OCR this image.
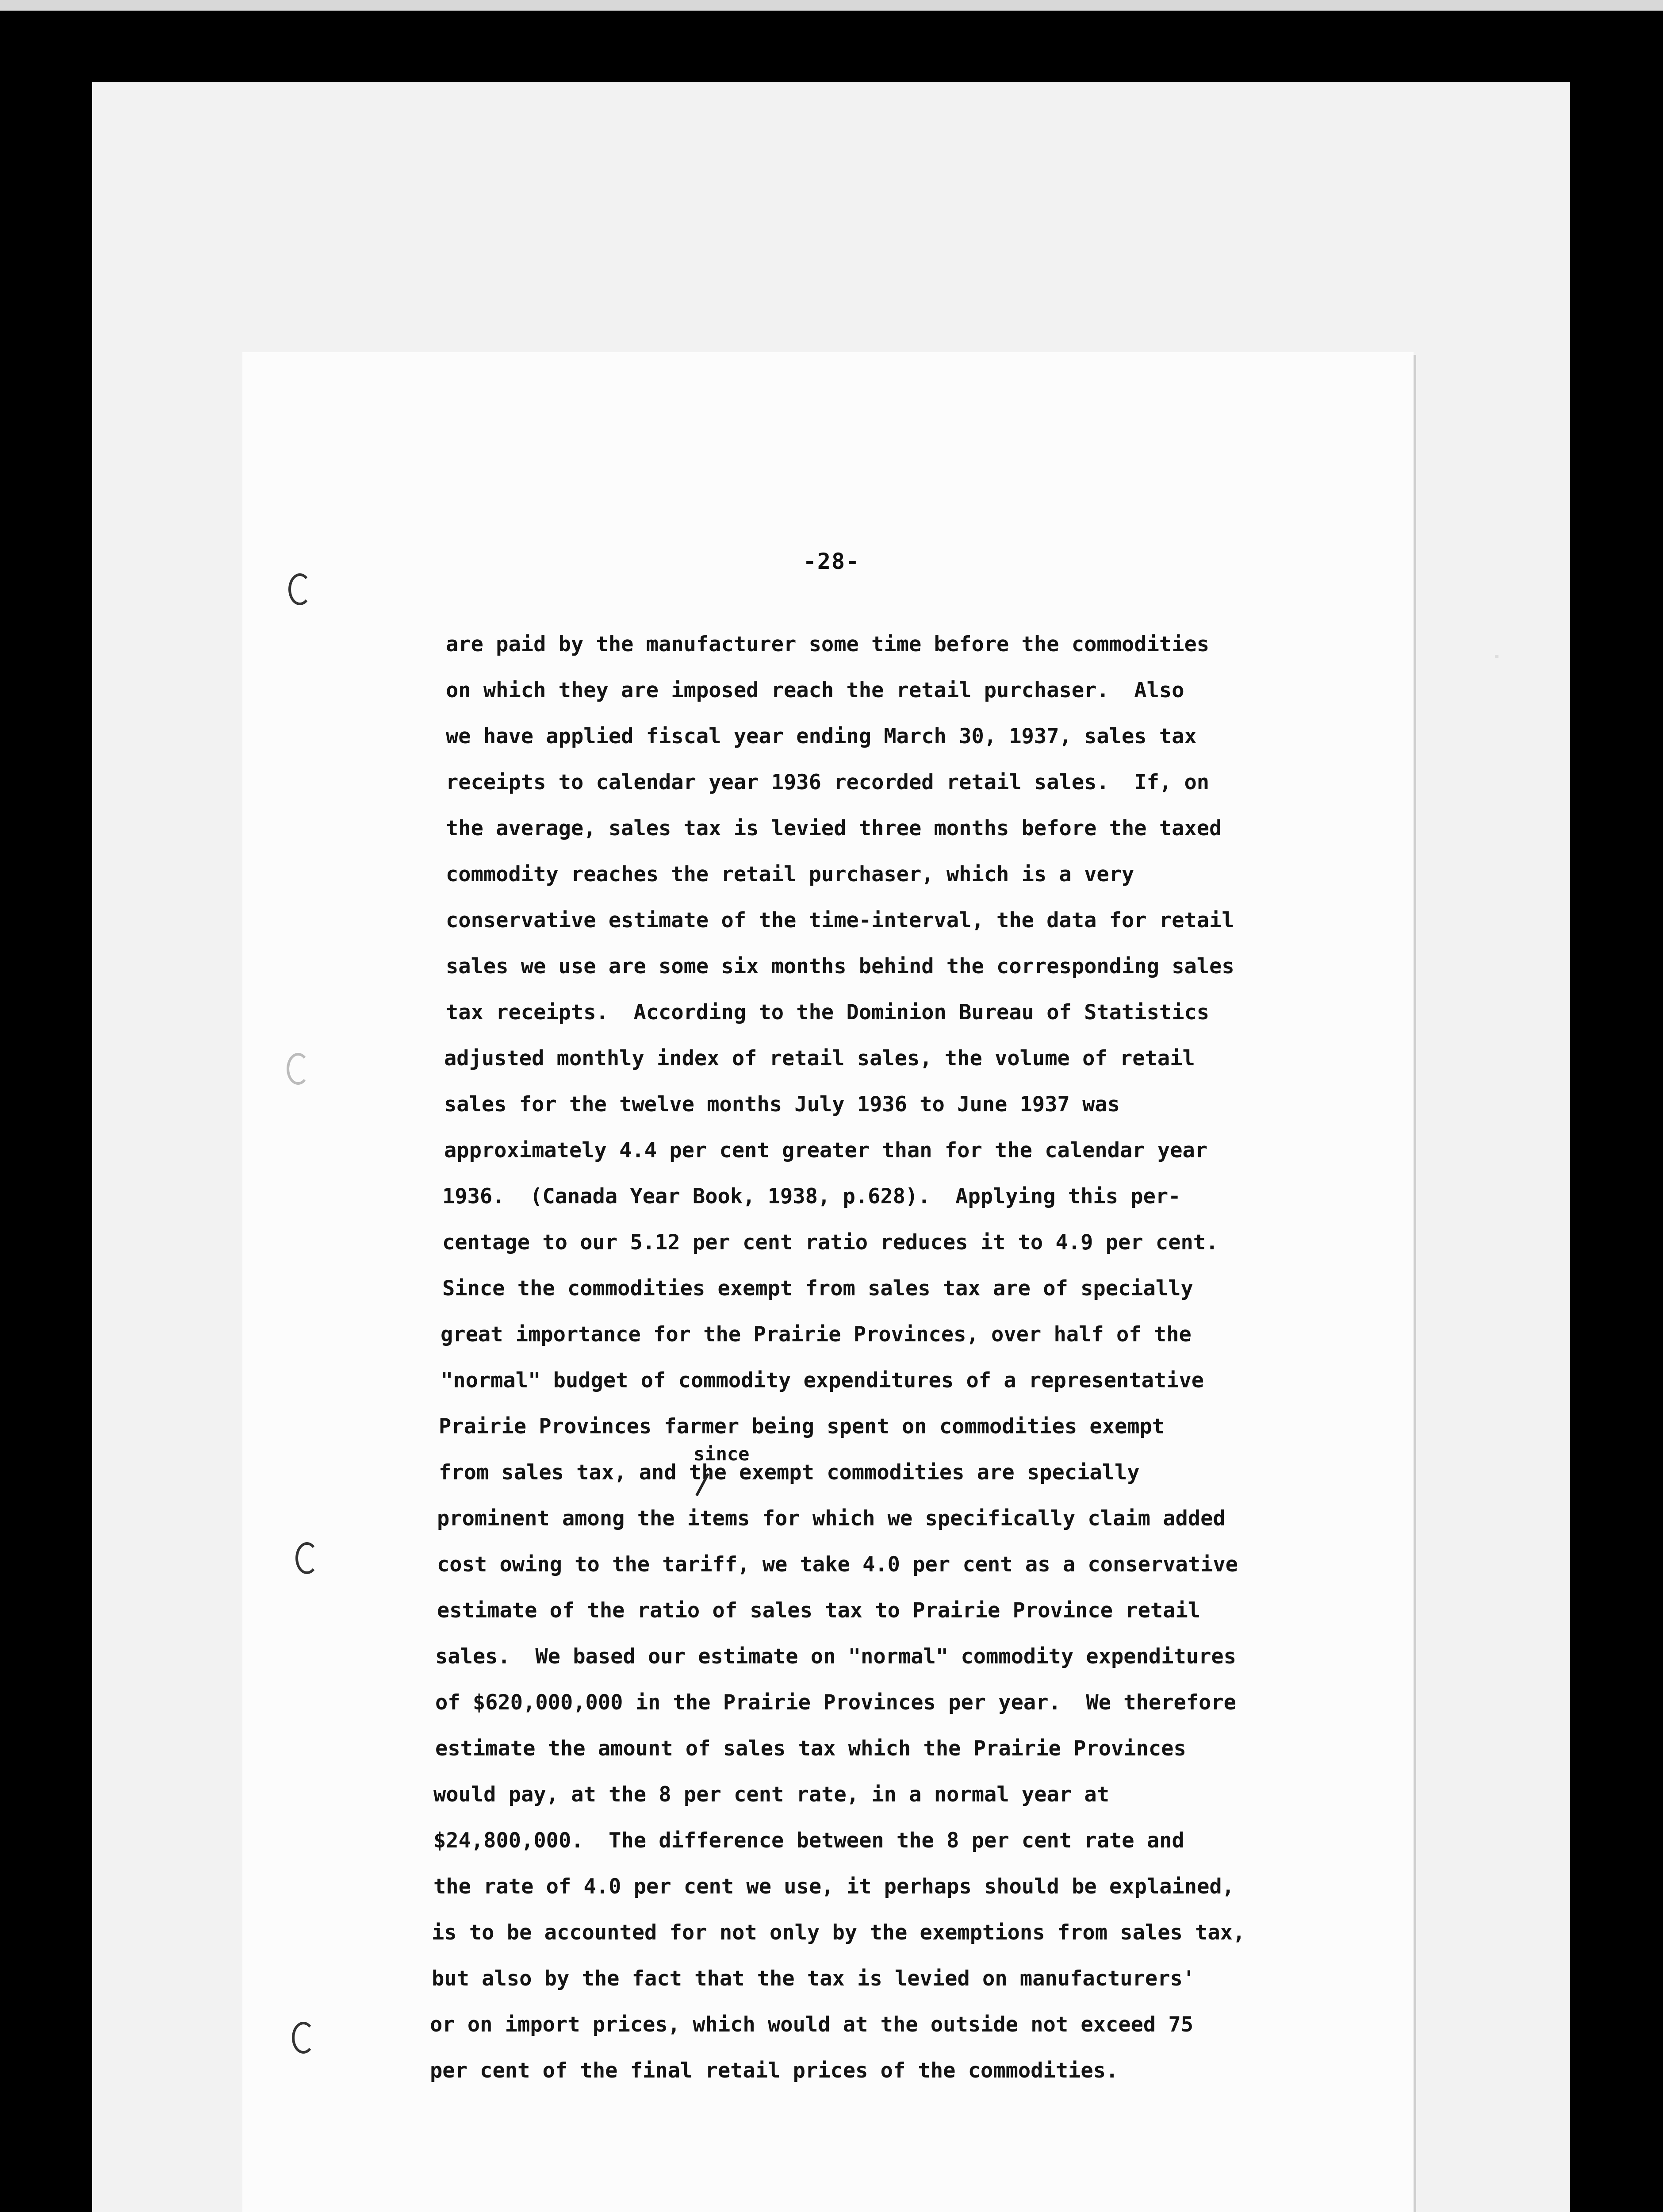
-28-
are paid by the manufacturer some time before the commodities
on which they are imposed reach the retail purchaser.  Also
we have applied fiscal year ending March 30, 1937, sales tax
receipts to calendar year 1936 recorded retail sales.  If, on
the average, sales tax is levied three months before the taxed
commodity reaches the retail purchaser, which is a very
conservative estimate of the time-interval, the data for retail
sales we use are some six months behind the corresponding sales
tax receipts.  According to the Dominion Bureau of Statistics
adjusted monthly index of retail sales, the volume of retail
sales for the twelve months July 1936 to June 1937 was
approximately 4.4 per cent greater than for the calendar year
1936.  (Canada Year Book, 1938, p.628).  Applying this per-
centage to our 5.12 per cent ratio reduces it to 4.9 per cent.
Since the commodities exempt from sales tax are of specially
great importance for the Prairie Provinces, over half of the
"normal" budget of commodity expenditures of a representative
Prairie Provinces farmer being spent on commodities exempt
from sales tax, and the exempt commodities are specially
prominent among the items for which we specifically claim added
cost owing to the tariff, we take 4.0 per cent as a conservative
estimate of the ratio of sales tax to Prairie Province retail
sales.  We based our estimate on "normal" commodity expenditures
of $620,000,000 in the Prairie Provinces per year.  We therefore
estimate the amount of sales tax which the Prairie Provinces
would pay, at the 8 per cent rate, in a normal year at
$24,800,000.  The difference between the 8 per cent rate and
the rate of 4.0 per cent we use, it perhaps should be explained,
is to be accounted for not only by the exemptions from sales tax,
but also by the fact that the tax is levied on manufacturers'
or on import prices, which would at the outside not exceed 75
per cent of the final retail prices of the commodities.
since
